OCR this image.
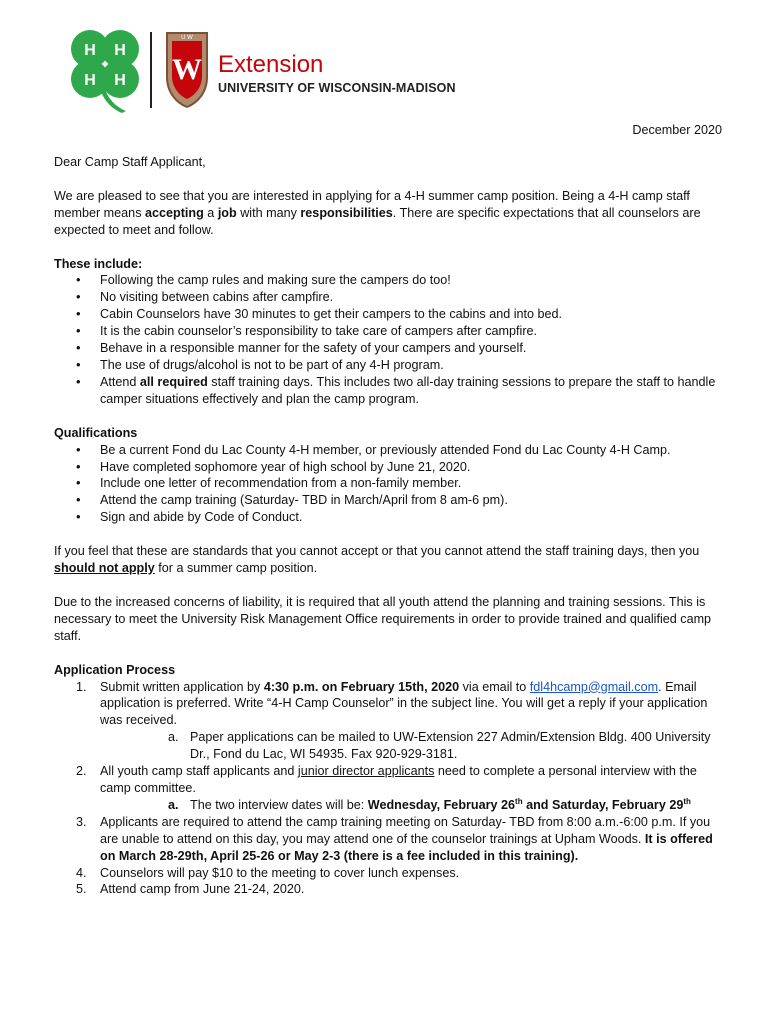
H H
H H
U W
W Extension
UNIVERSITY OF WISCONSIN-MADISON

December 2020

Dear Camp Staff Applicant,

We are pleased to see that you are interested in applying for a 4-H summer camp position. Being a 4-H camp staff member means accepting a job with many responsibilities. There are specific expectations that all counselors are expected to meet and follow.

These include:

• Following the camp rules and making sure the campers do too!
• No visiting between cabins after campfire.
• Cabin Counselors have 30 minutes to get their campers to the cabins and into bed.
• It is the cabin counselor’s responsibility to take care of campers after campfire.
• Behave in a responsible manner for the safety of your campers and yourself.
• The use of drugs/alcohol is not to be part of any 4-H program.
• Attend all required staff training days. This includes two all-day training sessions to prepare the staff to handle camper situations effectively and plan the camp program.

Qualifications

• Be a current Fond du Lac County 4-H member, or previously attended Fond du Lac County 4-H Camp.
• Have completed sophomore year of high school by June 21, 2020.
• Include one letter of recommendation from a non-family member.
• Attend the camp training (Saturday- TBD in March/April from 8 am-6 pm).
• Sign and abide by Code of Conduct.

If you feel that these are standards that you cannot accept or that you cannot attend the staff training days, then you should not apply for a summer camp position.

Due to the increased concerns of liability, it is required that all youth attend the planning and training sessions. This is necessary to meet the University Risk Management Office requirements in order to provide trained and qualified camp staff.

Application Process

1. Submit written application by 4:30 p.m. on February 15th, 2020 via email to fdl4hcamp@gmail.com. Email application is preferred. Write “4-H Camp Counselor” in the subject line. You will get a reply if your application was received.
a. Paper applications can be mailed to UW-Extension 227 Admin/Extension Bldg. 400 University Dr., Fond du Lac, WI 54935. Fax 920-929-3181.
2. All youth camp staff applicants and junior director applicants need to complete a personal interview with the camp committee.
a. The two interview dates will be: Wednesday, February 26th and Saturday, February 29th
3. Applicants are required to attend the camp training meeting on Saturday- TBD from 8:00 a.m.-6:00 p.m. If you are unable to attend on this day, you may attend one of the counselor trainings at Upham Woods. It is offered on March 28-29th, April 25-26 or May 2-3 (there is a fee included in this training).
4. Counselors will pay $10 to the meeting to cover lunch expenses.
5. Attend camp from June 21-24, 2020.
